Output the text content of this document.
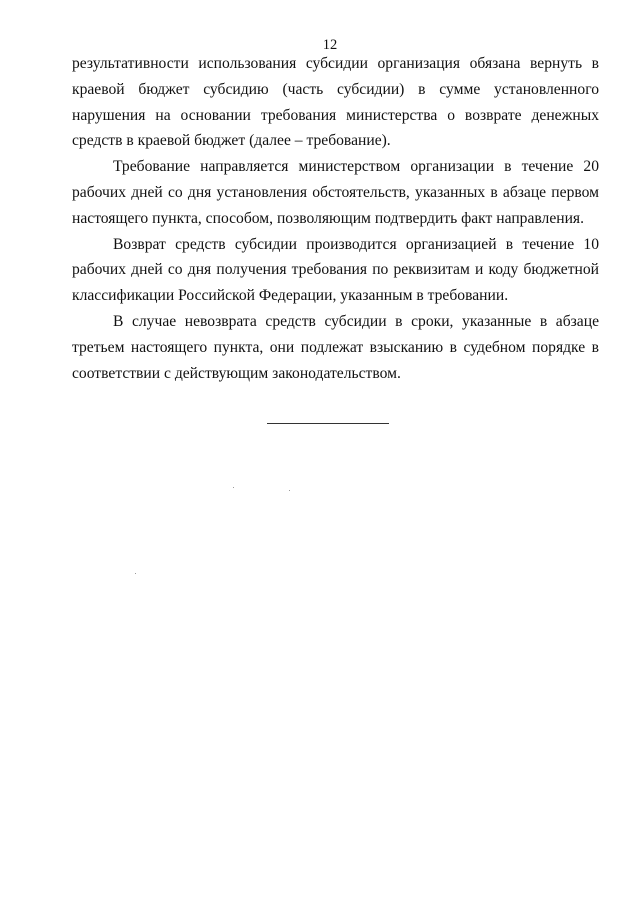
12

результативности использования субсидии организация обязана вернуть в краевой бюджет субсидию (часть субсидии) в сумме установленного нарушения на основании требования министерства о возврате денежных средств в краевой бюджет (далее – требование).

Требование направляется министерством организации в течение 20 рабочих дней со дня установления обстоятельств, указанных в абзаце первом настоящего пункта, способом, позволяющим подтвердить факт направления.

Возврат средств субсидии производится организацией в течение 10 рабочих дней со дня получения требования по реквизитам и коду бюджетной классификации Российской Федерации, указанным в требовании.

В случае невозврата средств субсидии в сроки, указанные в абзаце третьем настоящего пункта, они подлежат взысканию в судебном порядке в соответствии с действующим законодательством.
